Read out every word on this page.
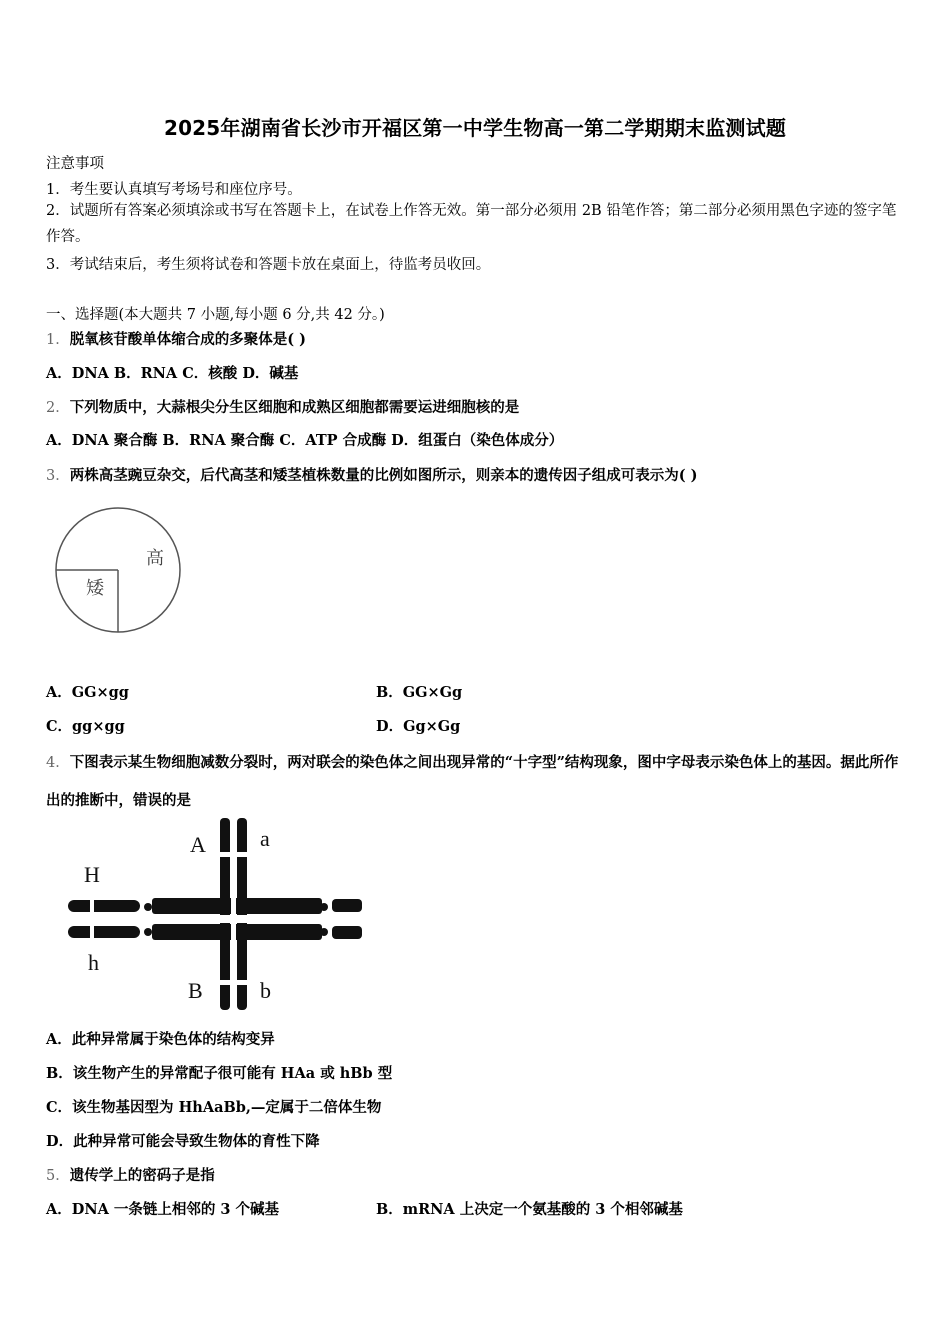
2025年湖南省长沙市开福区第一中学生物高一第二学期期末监测试题
注意事项
1．考生要认真填写考场号和座位序号。
2．试题所有答案必须填涂或书写在答题卡上，在试卷上作答无效。第一部分必须用 2B 铅笔作答；第二部分必须用黑色字迹的签字笔作答。
3．考试结束后，考生须将试卷和答题卡放在桌面上，待监考员收回。
一、选择题(本大题共 7 小题,每小题 6 分,共 42 分。)
1．脱氧核苷酸单体缩合成的多聚体是( )
A．DNA B．RNA C．核酸 D．碱基
2．下列物质中，大蒜根尖分生区细胞和成熟区细胞都需要运进细胞核的是
A．DNA 聚合酶 B．RNA 聚合酶 C．ATP 合成酶 D．组蛋白（染色体成分）
3．两株高茎豌豆杂交，后代高茎和矮茎植株数量的比例如图所示，则亲本的遗传因子组成可表示为( )
高
矮
A．GG×gg	B．GG×Gg
C．gg×gg	D．Gg×Gg
4．下图表示某生物细胞减数分裂时，两对联会的染色体之间出现异常的“十字型”结构现象，图中字母表示染色体上的基因。据此所作出的推断中，错误的是
A a
H
h
B	b
A．此种异常属于染色体的结构变异
B．该生物产生的异常配子很可能有 HAa 或 hBb 型
C．该生物基因型为 HhAaBb,—定属于二倍体生物
D．此种异常可能会导致生物体的育性下降
5．遗传学上的密码子是指
A．DNA 一条链上相邻的 3 个碱基	B．mRNA 上决定一个氨基酸的 3 个相邻碱基
